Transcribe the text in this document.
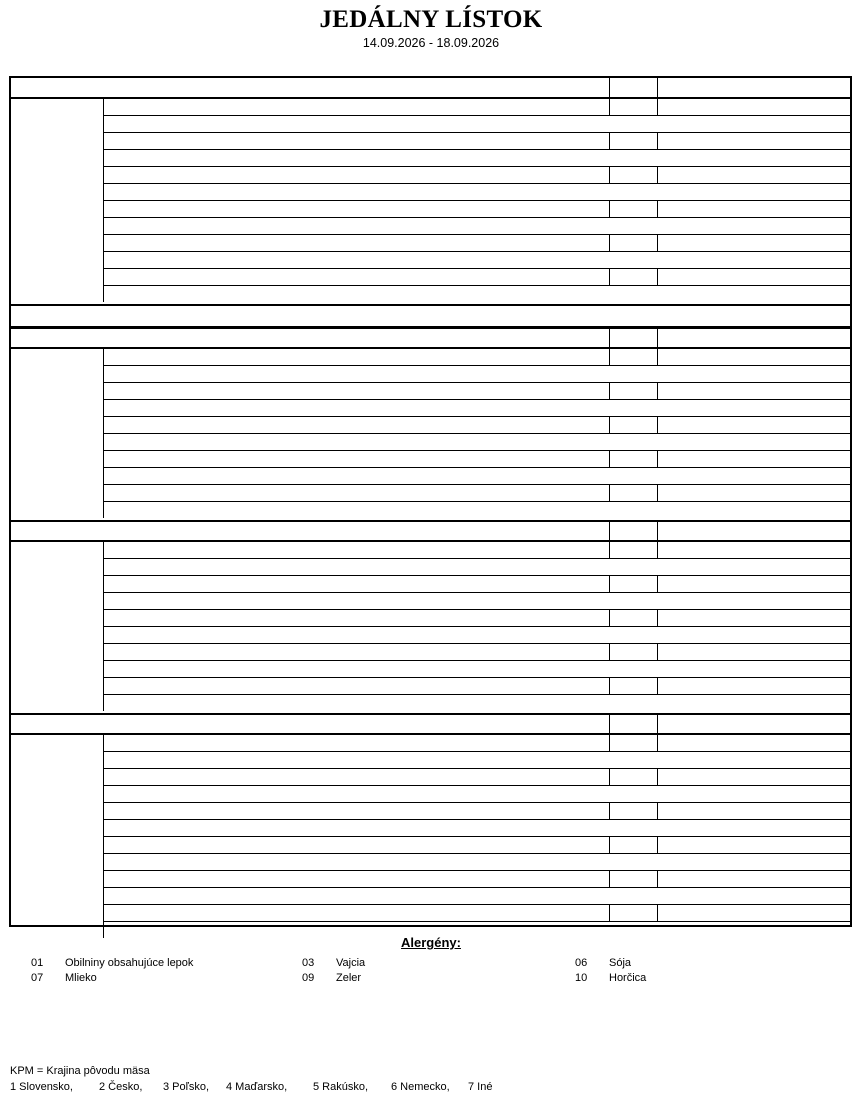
JEDÁLNY LÍSTOK
14.09.2026 - 18.09.2026
Alergény:
01 Obilniny obsahujúce lepok	03 Vajcia	06 Sója
07 Mlieko	09 Zeler	10 Horčica
KPM = Krajina pôvodu mäsa
1 Slovensko, 2 Česko, 3 Poľsko, 4 Maďarsko, 5 Rakúsko, 6 Nemecko, 7 Iné
